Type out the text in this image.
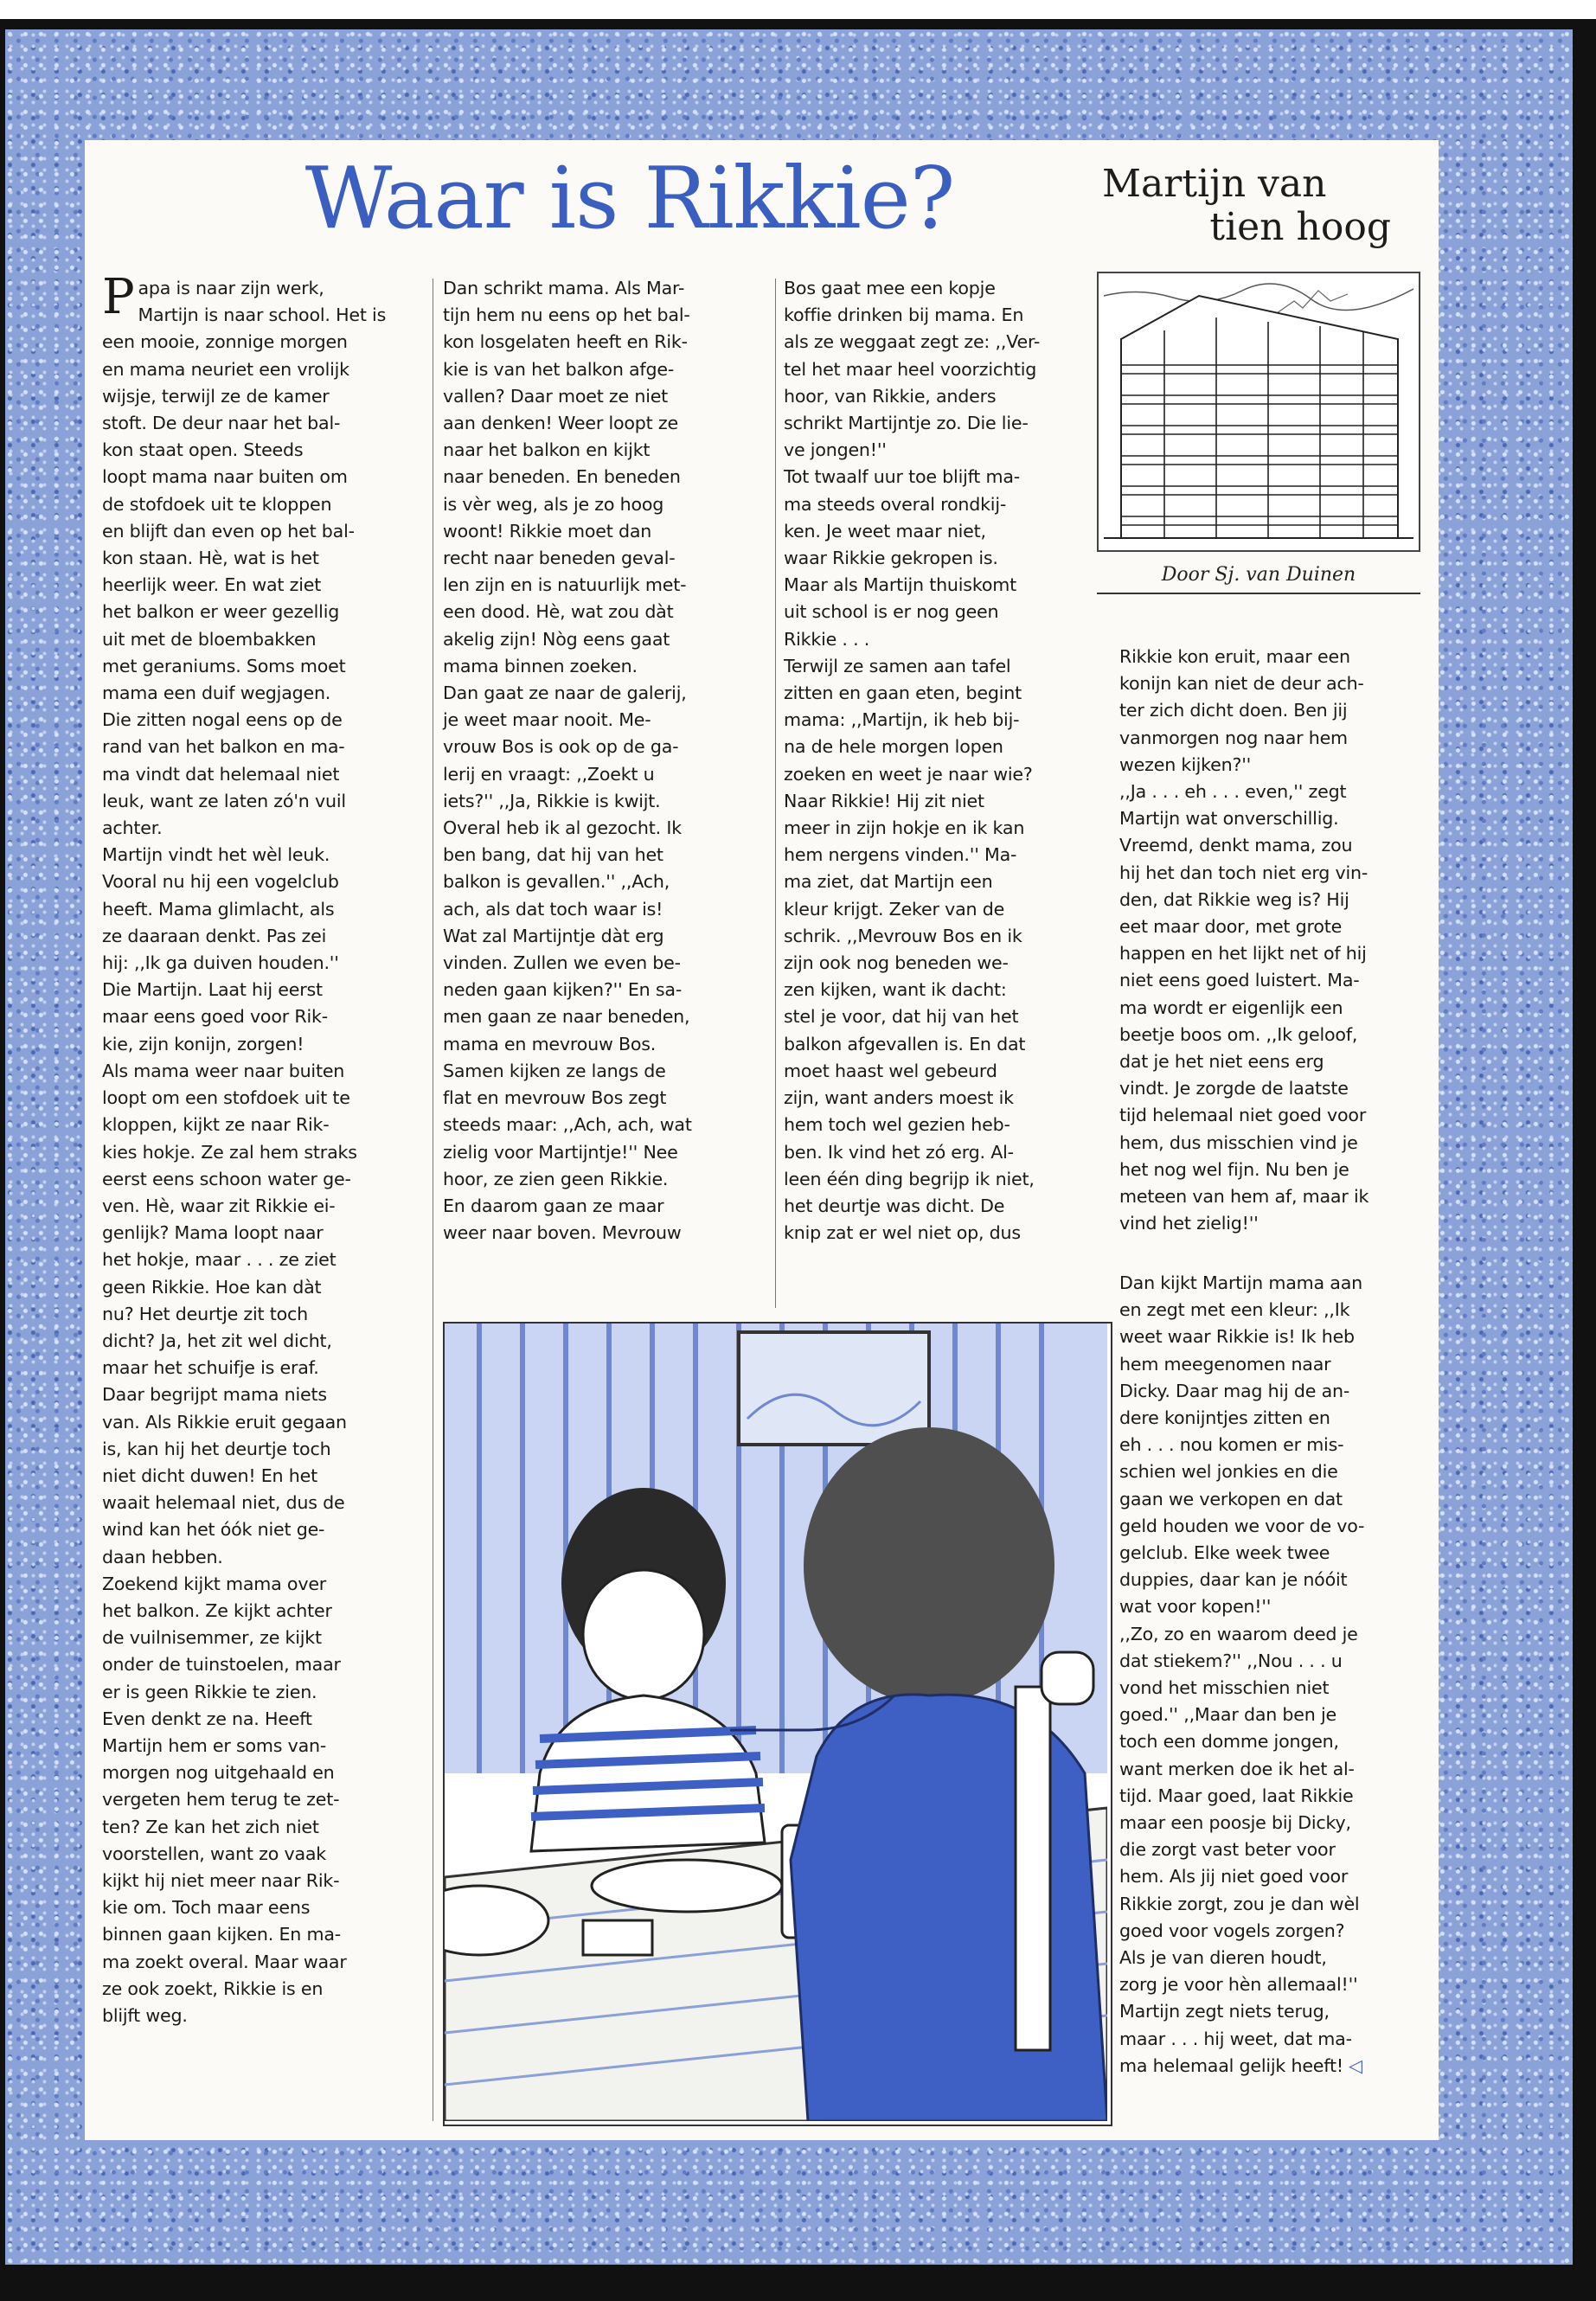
Waar is Rikkie?	Martijn van
tien hoog
Door Sj. van Duinen
Papa is naar zijn werk,
Martijn is naar school. Het is
een mooie, zonnige morgen
en mama neuriet een vrolijk
wijsje, terwijl ze de kamer
stoft. De deur naar het bal-
kon staat open. Steeds
loopt mama naar buiten om
de stofdoek uit te kloppen
en blijft dan even op het bal-
kon staan. Hè, wat is het
heerlijk weer. En wat ziet
het balkon er weer gezellig
uit met de bloembakken
met geraniums. Soms moet
mama een duif wegjagen.
Die zitten nogal eens op de
rand van het balkon en ma-
ma vindt dat helemaal niet
leuk, want ze laten zó'n vuil
achter.
Martijn vindt het wèl leuk.
Vooral nu hij een vogelclub
heeft. Mama glimlacht, als
ze daaraan denkt. Pas zei
hij: ,,Ik ga duiven houden.''
Die Martijn. Laat hij eerst
maar eens goed voor Rik-
kie, zijn konijn, zorgen!
Als mama weer naar buiten
loopt om een stofdoek uit te
kloppen, kijkt ze naar Rik-
kies hokje. Ze zal hem straks
eerst eens schoon water ge-
ven. Hè, waar zit Rikkie ei-
genlijk? Mama loopt naar
het hokje, maar . . . ze ziet
geen Rikkie. Hoe kan dàt
nu? Het deurtje zit toch
dicht? Ja, het zit wel dicht,
maar het schuifje is eraf.
Daar begrijpt mama niets
van. Als Rikkie eruit gegaan
is, kan hij het deurtje toch
niet dicht duwen! En het
waait helemaal niet, dus de
wind kan het óók niet ge-
daan hebben.
Zoekend kijkt mama over
het balkon. Ze kijkt achter
de vuilnisemmer, ze kijkt
onder de tuinstoelen, maar
er is geen Rikkie te zien.
Even denkt ze na. Heeft
Martijn hem er soms van-
morgen nog uitgehaald en
vergeten hem terug te zet-
ten? Ze kan het zich niet
voorstellen, want zo vaak
kijkt hij niet meer naar Rik-
kie om. Toch maar eens
binnen gaan kijken. En ma-
ma zoekt overal. Maar waar
ze ook zoekt, Rikkie is en
blijft weg.
Dan schrikt mama. Als Mar-
tijn hem nu eens op het bal-
kon losgelaten heeft en Rik-
kie is van het balkon afge-
vallen? Daar moet ze niet
aan denken! Weer loopt ze
naar het balkon en kijkt
naar beneden. En beneden
is vèr weg, als je zo hoog
woont! Rikkie moet dan
recht naar beneden geval-
len zijn en is natuurlijk met-
een dood. Hè, wat zou dàt
akelig zijn! Nòg eens gaat
mama binnen zoeken.
Dan gaat ze naar de galerij,
je weet maar nooit. Me-
vrouw Bos is ook op de ga-
lerij en vraagt: ,,Zoekt u
iets?'' ,,Ja, Rikkie is kwijt.
Overal heb ik al gezocht. Ik
ben bang, dat hij van het
balkon is gevallen.'' ,,Ach,
ach, als dat toch waar is!
Wat zal Martijntje dàt erg
vinden. Zullen we even be-
neden gaan kijken?'' En sa-
men gaan ze naar beneden,
mama en mevrouw Bos.
Samen kijken ze langs de
flat en mevrouw Bos zegt
steeds maar: ,,Ach, ach, wat
zielig voor Martijntje!'' Nee
hoor, ze zien geen Rikkie.
En daarom gaan ze maar
weer naar boven. Mevrouw
Bos gaat mee een kopje
koffie drinken bij mama. En
als ze weggaat zegt ze: ,,Ver-
tel het maar heel voorzichtig
hoor, van Rikkie, anders
schrikt Martijntje zo. Die lie-
ve jongen!''
Tot twaalf uur toe blijft ma-
ma steeds overal rondkij-
ken. Je weet maar niet,
waar Rikkie gekropen is.
Maar als Martijn thuiskomt
uit school is er nog geen
Rikkie . . .
Terwijl ze samen aan tafel
zitten en gaan eten, begint
mama: ,,Martijn, ik heb bij-
na de hele morgen lopen
zoeken en weet je naar wie?
Naar Rikkie! Hij zit niet
meer in zijn hokje en ik kan
hem nergens vinden.'' Ma-
ma ziet, dat Martijn een
kleur krijgt. Zeker van de
schrik. ,,Mevrouw Bos en ik
zijn ook nog beneden we-
zen kijken, want ik dacht:
stel je voor, dat hij van het
balkon afgevallen is. En dat
moet haast wel gebeurd
zijn, want anders moest ik
hem toch wel gezien heb-
ben. Ik vind het zó erg. Al-
leen één ding begrijp ik niet,
het deurtje was dicht. De
knip zat er wel niet op, dus
Rikkie kon eruit, maar een
konijn kan niet de deur ach-
ter zich dicht doen. Ben jij
vanmorgen nog naar hem
wezen kijken?''
,,Ja . . . eh . . . even,'' zegt
Martijn wat onverschillig.
Vreemd, denkt mama, zou
hij het dan toch niet erg vin-
den, dat Rikkie weg is? Hij
eet maar door, met grote
happen en het lijkt net of hij
niet eens goed luistert. Ma-
ma wordt er eigenlijk een
beetje boos om. ,,Ik geloof,
dat je het niet eens erg
vindt. Je zorgde de laatste
tijd helemaal niet goed voor
hem, dus misschien vind je
het nog wel fijn. Nu ben je
meteen van hem af, maar ik
vind het zielig!''
Dan kijkt Martijn mama aan
en zegt met een kleur: ,,Ik
weet waar Rikkie is! Ik heb
hem meegenomen naar
Dicky. Daar mag hij de an-
dere konijntjes zitten en
eh . . . nou komen er mis-
schien wel jonkies en die
gaan we verkopen en dat
geld houden we voor de vo-
gelclub. Elke week twee
duppies, daar kan je nóóit
wat voor kopen!''
,,Zo, zo en waarom deed je
dat stiekem?'' ,,Nou . . . u
vond het misschien niet
goed.'' ,,Maar dan ben je
toch een domme jongen,
want merken doe ik het al-
tijd. Maar goed, laat Rikkie
maar een poosje bij Dicky,
die zorgt vast beter voor
hem. Als jij niet goed voor
Rikkie zorgt, zou je dan wèl
goed voor vogels zorgen?
Als je van dieren houdt,
zorg je voor hèn allemaal!''
Martijn zegt niets terug,
maar . . . hij weet, dat ma-
ma helemaal gelijk heeft! ◁
